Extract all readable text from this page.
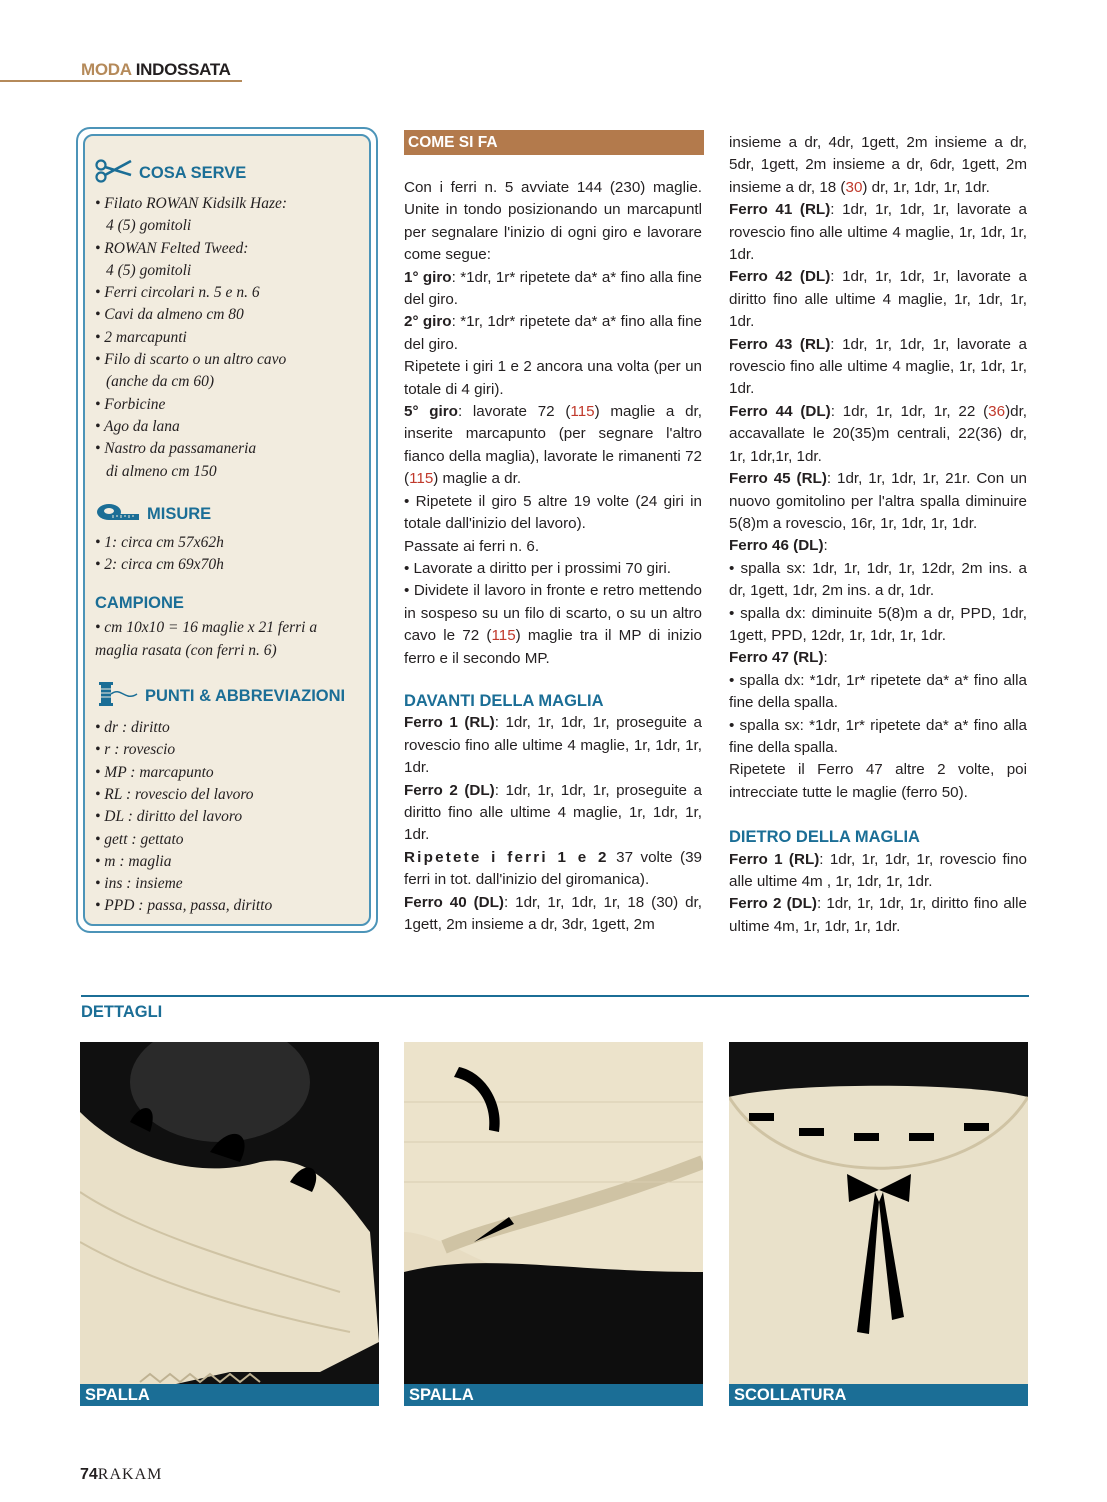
MODA INDOSSATA
COSA SERVE
• Filato ROWAN Kidsilk Haze:
4 (5) gomitoli
• ROWAN Felted Tweed:
4 (5) gomitoli
• Ferri circolari n. 5 e n. 6
• Cavi da almeno cm 80
• 2 marcapunti
• Filo di scarto o un altro cavo
(anche da cm 60)
• Forbicine
• Ago da lana
• Nastro da passamaneria
di almeno cm 150
MISURE
• 1: circa cm 57x62h
• 2: circa cm 69x70h
CAMPIONE

• cm 10x10 = 16 maglie x 21 ferri a maglia rasata (con ferri n. 6)

PUNTI & ABBREVIAZIONI
• dr : diritto
• r : rovescio
• MP : marcapunto
• RL : rovescio del lavoro
• DL : diritto del lavoro
• gett : gettato
• m : maglia
• ins : insieme
• PPD : passa, passa, diritto
COME SI FA

Con i ferri n. 5 avviate 144 (230) maglie. Unite in tondo posizionando un marcapuntl per segnalare l'inizio di ogni giro e lavorare come segue:

1° giro: *1dr, 1r* ripetete da* a* fino alla fine del giro.

2° giro: *1r, 1dr* ripetete da* a* fino alla fine del giro.

Ripetete i giri 1 e 2 ancora una volta (per un totale di 4 giri).

5° giro: lavorate 72 (115) maglie a dr, inserite marcapunto (per segnare l'altro fianco della maglia), lavorate le rimanenti 72 (115) maglie a dr.

• Ripetete il giro 5 altre 19 volte (24 giri in totale dall'inizio del lavoro).

Passate ai ferri n. 6.

• Lavorate a diritto per i prossimi 70 giri.

• Dividete il lavoro in fronte e retro mettendo in sospeso su un filo di scarto, o su un altro cavo le 72 (115) maglie tra il MP di inizio ferro e il secondo MP.

DAVANTI DELLA MAGLIA

Ferro 1 (RL): 1dr, 1r, 1dr, 1r, proseguite a rovescio fino alle ultime 4 maglie, 1r, 1dr, 1r, 1dr.

Ferro 2 (DL): 1dr, 1r, 1dr, 1r, proseguite a diritto fino alle ultime 4 maglie, 1r, 1dr, 1r, 1dr.

Ripetete i ferri 1 e 2 37 volte (39 ferri in tot. dall'inizio del giromanica).

Ferro 40 (DL): 1dr, 1r, 1dr, 1r, 18 (30) dr, 1gett, 2m insieme a dr, 3dr, 1gett, 2m

insieme a dr, 4dr, 1gett, 2m insieme a dr, 5dr, 1gett, 2m insieme a dr, 6dr, 1gett, 2m insieme a dr, 18 (30) dr, 1r, 1dr, 1r, 1dr.

Ferro 41 (RL): 1dr, 1r, 1dr, 1r, lavorate a rovescio fino alle ultime 4 maglie, 1r, 1dr, 1r, 1dr.

Ferro 42 (DL): 1dr, 1r, 1dr, 1r, lavorate a diritto fino alle ultime 4 maglie, 1r, 1dr, 1r, 1dr.

Ferro 43 (RL): 1dr, 1r, 1dr, 1r, lavorate a rovescio fino alle ultime 4 maglie, 1r, 1dr, 1r, 1dr.

Ferro 44 (DL): 1dr, 1r, 1dr, 1r, 22 (36)dr, accavallate le 20(35)m centrali, 22(36) dr, 1r, 1dr,1r, 1dr.

Ferro 45 (RL): 1dr, 1r, 1dr, 1r, 21r. Con un nuovo gomitolino per l'altra spalla diminuire 5(8)m a rovescio, 16r, 1r, 1dr, 1r, 1dr.

Ferro 46 (DL):

• spalla sx: 1dr, 1r, 1dr, 1r, 12dr, 2m ins. a dr, 1gett, 1dr, 2m ins. a dr, 1dr.

• spalla dx: diminuite 5(8)m a dr, PPD, 1dr, 1gett, PPD, 12dr, 1r, 1dr, 1r, 1dr.

Ferro 47 (RL):

• spalla dx: *1dr, 1r* ripetete da* a* fino alla fine della spalla.

• spalla sx: *1dr, 1r* ripetete da* a* fino alla fine della spalla.

Ripetete il Ferro 47 altre 2 volte, poi intrecciate tutte le maglie (ferro 50).

DIETRO DELLA MAGLIA

Ferro 1 (RL): 1dr, 1r, 1dr, 1r, rovescio fino alle ultime 4m , 1r, 1dr, 1r, 1dr.

Ferro 2 (DL): 1dr, 1r, 1dr, 1r, diritto fino alle ultime 4m, 1r, 1dr, 1r, 1dr.

DETTAGLI
SPALLA	SPALLA	SCOLLATURA
74RAKAM
